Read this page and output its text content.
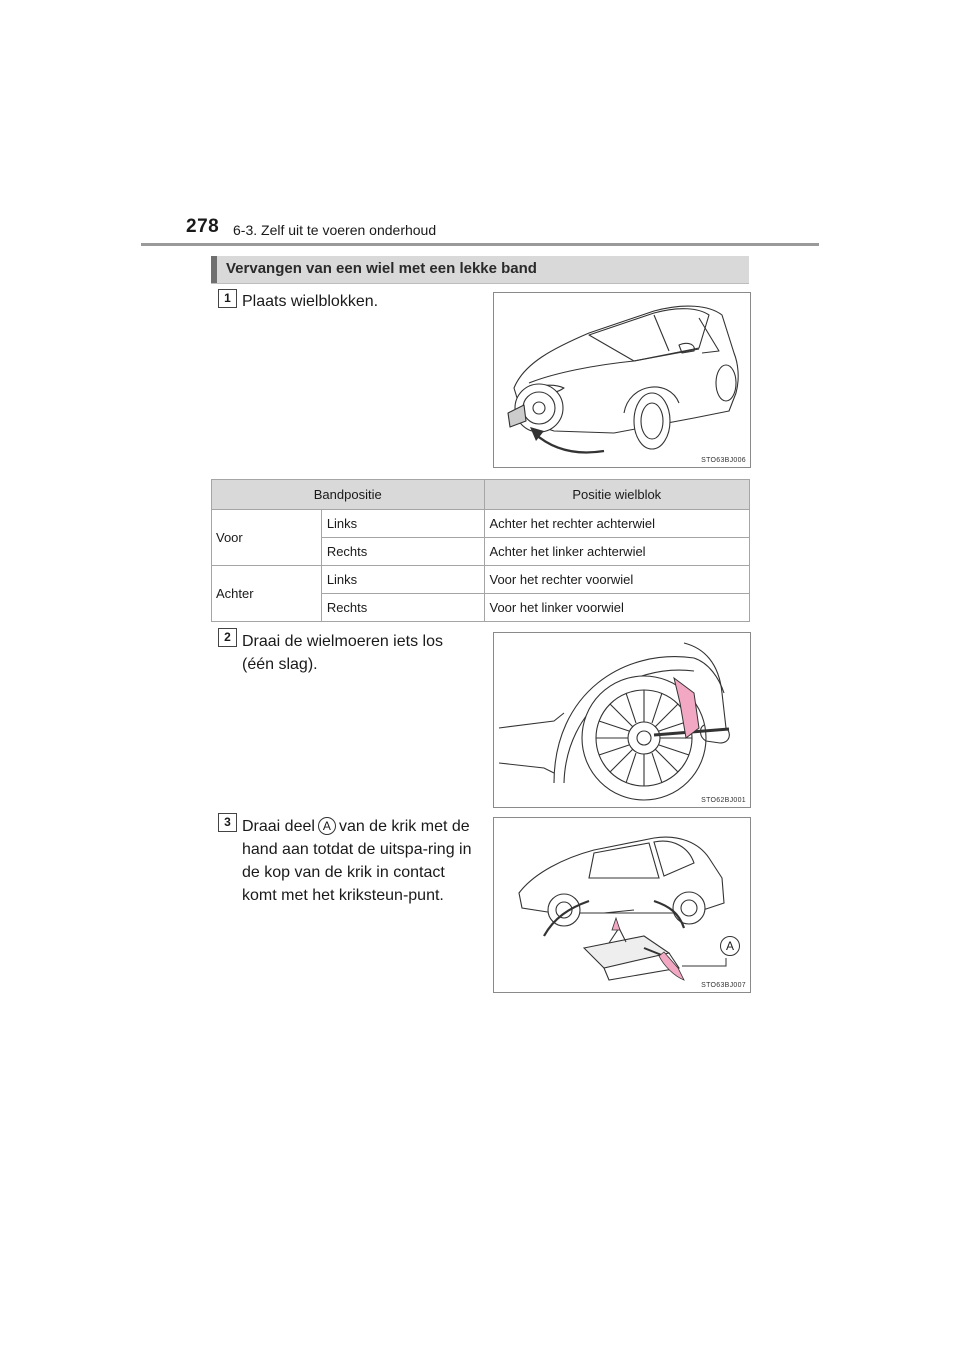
278 6-3. Zelf uit te voeren onderhoud
Vervangen van een wiel met een lekke band
1 Plaats wielblokken.
STO63BJ006
Bandpositie		Positie wielblok
Voor	Links	Achter het rechter achterwiel
	Rechts	Achter het linker achterwiel
Achter	Links	Voor het rechter voorwiel
	Rechts	Voor het linker voorwiel
2 Draai de wielmoeren iets los (één slag).
STO62BJ001
3 Draai deel A van de krik met de hand aan totdat de uitspa-ring in de kop van de krik in contact komt met het kriksteun-punt.
A
STO63BJ007
